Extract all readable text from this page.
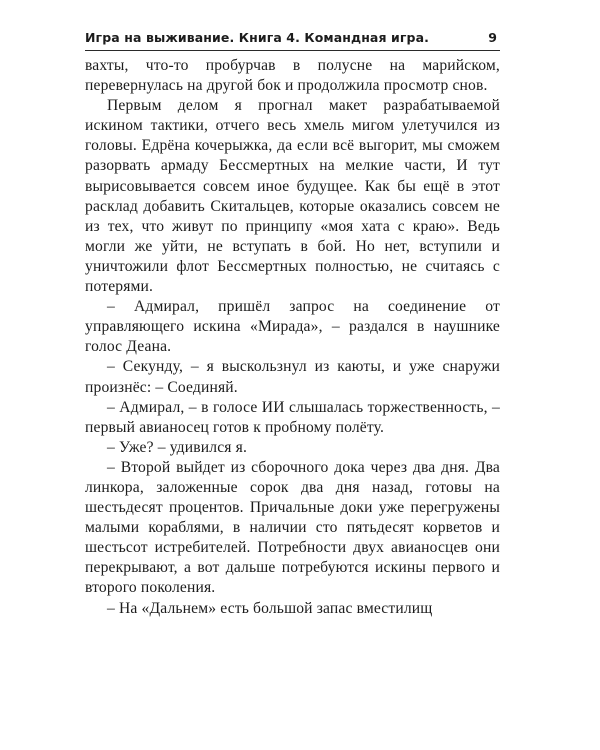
Игра на выживание. Книга 4. Командная игра.	9

вахты, что-то пробурчав в полусне на марийском, перевернулась на другой бок и продолжила просмотр снов.

Первым делом я прогнал макет разрабатываемой искином тактики, отчего весь хмель мигом улетучился из головы. Едрёна кочерыжка, да если всё выгорит, мы сможем разорвать армаду Бессмертных на мелкие части, И тут вырисовывается совсем иное будущее. Как бы ещё в этот расклад добавить Скитальцев, которые оказались совсем не из тех, что живут по принципу «моя хата с краю». Ведь могли же уйти, не вступать в бой. Но нет, вступили и уничтожили флот Бессмертных полностью, не считаясь с потерями.

– Адмирал, пришёл запрос на соединение от управляющего искина «Мирада», – раздался в наушнике голос Деана.

– Секунду, – я выскользнул из каюты, и уже снаружи произнёс: – Соединяй.

– Адмирал, – в голосе ИИ слышалась торжественность, – первый авианосец готов к пробному полёту.

– Уже? – удивился я.

– Второй выйдет из сборочного дока через два дня. Два линкора, заложенные сорок два дня назад, готовы на шестьдесят процентов. Причальные доки уже перегружены малыми кораблями, в наличии сто пятьдесят корветов и шестьсот истребителей. Потребности двух авианосцев они перекрывают, а вот дальше потребуются искины первого и второго поколения.

– На «Дальнем» есть большой запас вместилищ
